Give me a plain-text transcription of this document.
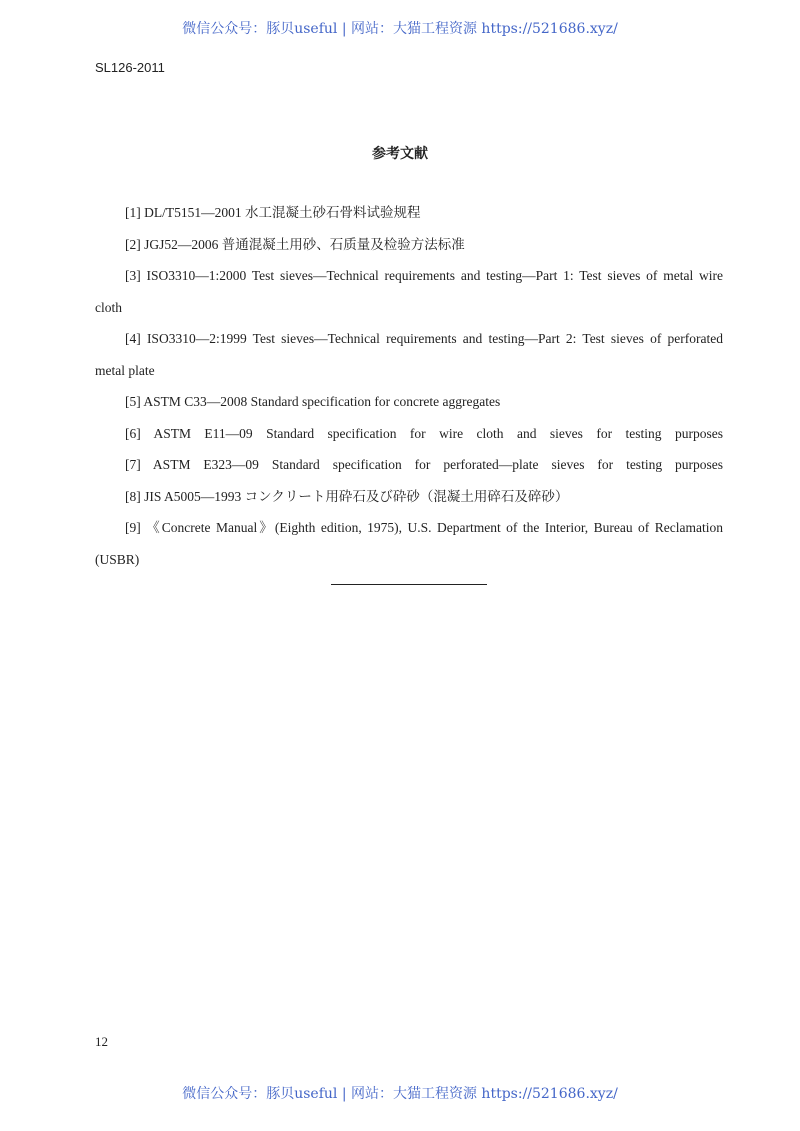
微信公众号：豚贝useful | 网站：大猫工程资源 https://521686.xyz/
SL126-2011
参考文献

[1] DL/T5151—2001 水工混凝土砂石骨料试验规程

[2] JGJ52—2006 普通混凝土用砂、石质量及检验方法标准

[3] ISO3310—1:2000 Test sieves—Technical requirements and testing—Part 1: Test sieves of metal wire cloth

[4] ISO3310—2:1999 Test sieves—Technical requirements and testing—Part 2: Test sieves of perforated metal plate

[5] ASTM C33—2008 Standard specification for concrete aggregates

[6] ASTM E11—09 Standard specification for wire cloth and sieves for testing purposes

[7] ASTM E323—09 Standard specification for perforated—plate sieves for testing purposes

[8] JIS A5005—1993 コンクリート用砕石及び砕砂（混凝土用碎石及碎砂）

[9] 《Concrete Manual》(Eighth edition, 1975), U.S. Department of the Interior, Bureau of Reclamation (USBR)

12
微信公众号：豚贝useful | 网站：大猫工程资源 https://521686.xyz/
